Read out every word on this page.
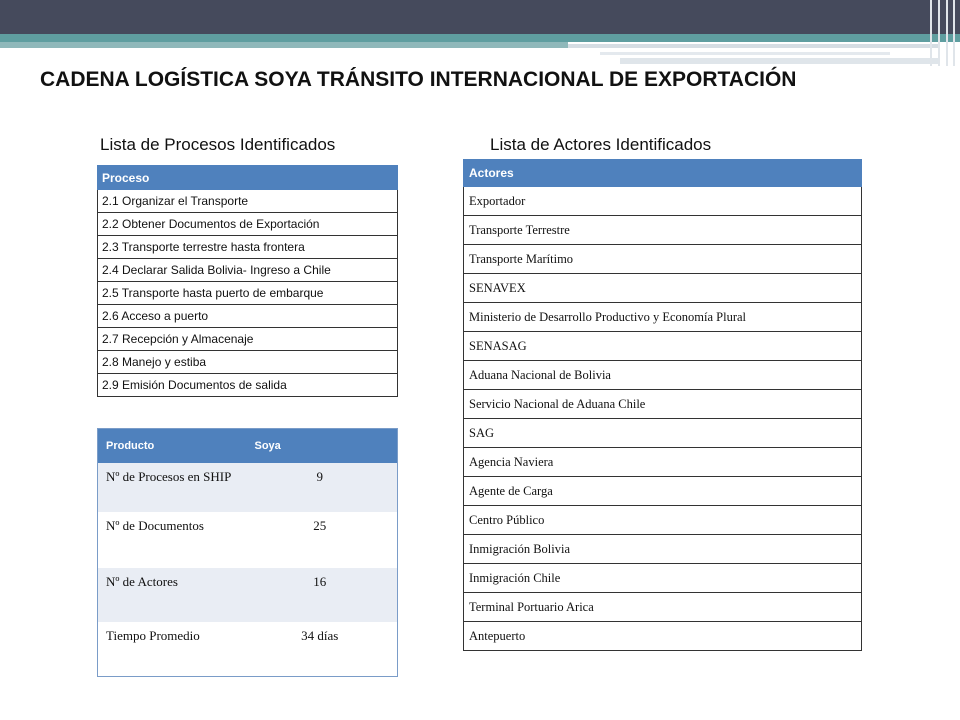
CADENA LOGÍSTICA SOYA TRÁNSITO INTERNACIONAL DE EXPORTACIÓN
Lista de Procesos Identificados	Lista de Actores Identificados
Proceso
2.1 Organizar el Transporte
2.2 Obtener Documentos de Exportación
2.3 Transporte terrestre hasta frontera
2.4 Declarar Salida Bolivia- Ingreso a Chile
2.5 Transporte hasta puerto de embarque
2.6 Acceso a puerto
2.7 Recepción y Almacenaje
2.8 Manejo y estiba
2.9 Emisión Documentos de salida
Producto	Soya
Nº de Procesos en SHIP	9
Nº de Documentos	25
Nº de Actores	16
Tiempo Promedio	34 días
Actores
Exportador
Transporte Terrestre
Transporte Marítimo
SENAVEX
Ministerio de Desarrollo Productivo y Economía Plural
SENASAG
Aduana Nacional de Bolivia
Servicio Nacional de Aduana Chile
SAG
Agencia Naviera
Agente de Carga
Centro Público
Inmigración Bolivia
Inmigración Chile
Terminal Portuario Arica
Antepuerto
